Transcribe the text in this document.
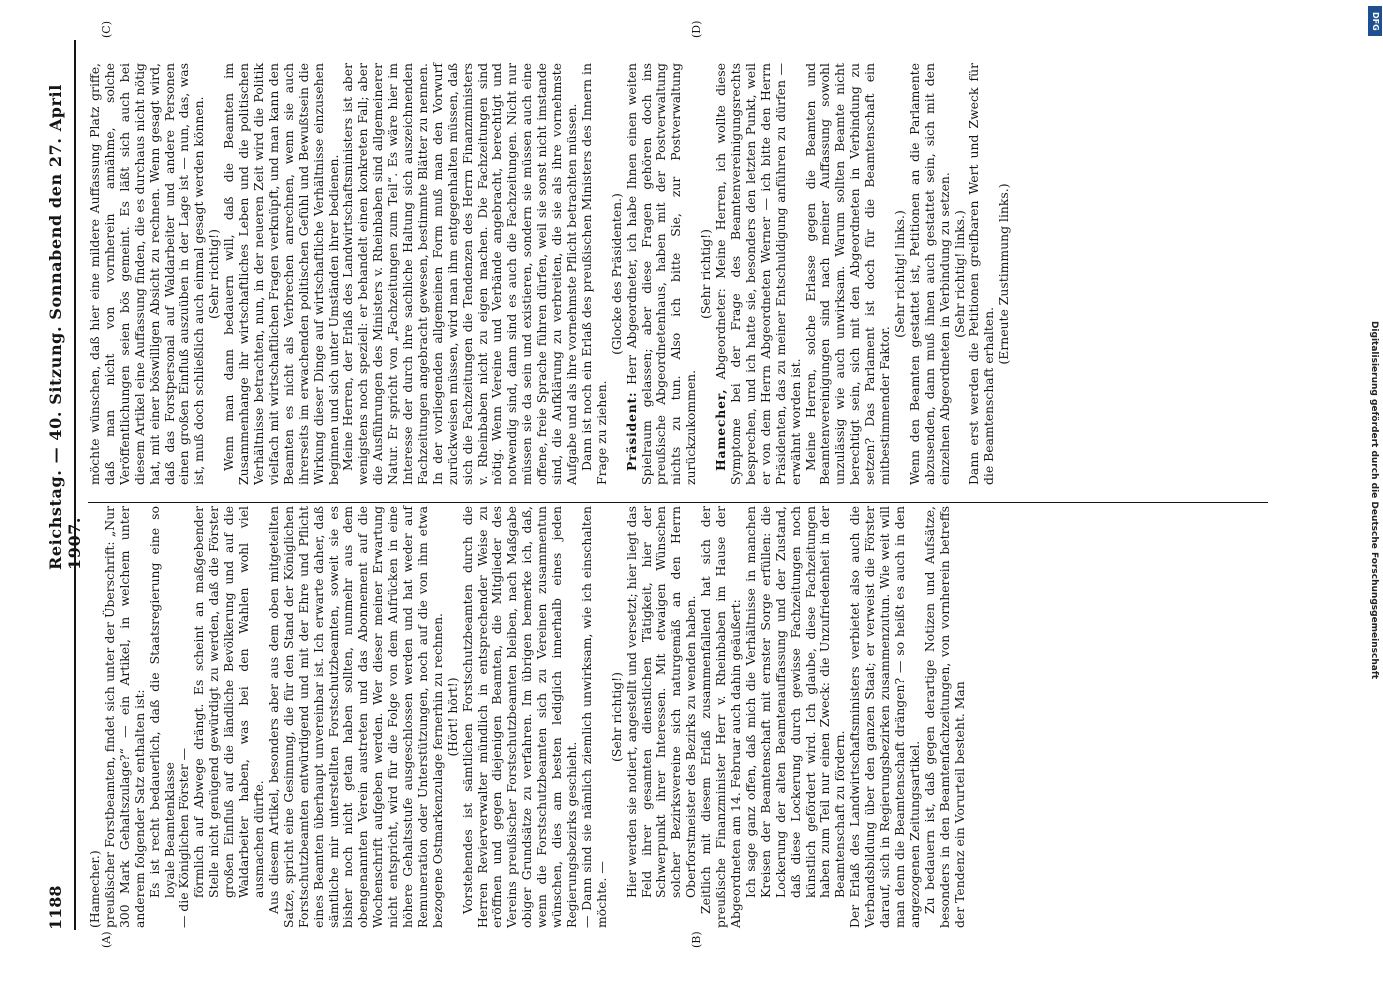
1188
Reichstag. — 40. Sitzung. Sonnabend den 27. April 1907.
(A)	(B)
(C)	(D)

(Hamecher.) preußischer Forstbeamten, findet sich unter der Überschrift: „Nur 300 Mark Gehaltszulage?“ — ein Artikel, in welchem unter anderem folgender Satz enthalten ist: Es ist recht bedauerlich, daß die Staatsregierung eine so loyale Beamtenklasse — die Königlichen Förster — förmlich auf Abwege drängt. Es scheint an maßgebender Stelle nicht genügend gewürdigt zu werden, daß die Förster großen Einfluß auf die ländliche Bevölkerung und auf die Waldarbeiter haben, was bei den Wahlen wohl viel ausmachen dürfte. Aus diesem Artikel, besonders aber aus dem oben mitgeteilten Satze, spricht eine Gesinnung, die für den Stand der Königlichen Forstschutzbeamten entwürdigend und mit der Ehre und Pflicht eines Beamten überhaupt unvereinbar ist. Ich erwarte daher, daß sämtliche mir unterstellten Forstschutzbeamten, soweit sie es bisher noch nicht getan haben sollten, nunmehr aus dem obengenannten Verein austreten und das Abonnement auf die Wochenschrift aufgeben werden. Wer dieser meiner Erwartung nicht entspricht, wird für die Folge von dem Aufrücken in eine höhere Gehaltsstufe ausgeschlossen werden und hat weder auf Remuneration oder Unterstützungen, noch auf die von ihm etwa bezogene Ostmarkenzulage fernerhin zu rechnen. (Hört! hört!) Vorstehendes ist sämtlichen Forstschutzbeamten durch die Herren Revierverwalter mündlich in entsprechender Weise zu eröffnen und gegen diejenigen Beamten, die Mitglieder des Vereins preußischer Forstschutzbeamten bleiben, nach Maßgabe obiger Grundsätze zu verfahren. Im übrigen bemerke ich, daß, wenn die Forstschutzbeamten sich zu Vereinen zusammentun wünschen, dies am besten lediglich innerhalb eines jeden Regierungsbezirks geschieht. — Dann sind sie nämlich ziemlich unwirksam, wie ich einschalten möchte. —

(Sehr richtig!) Hier werden sie notiert, angestellt und versetzt; hier liegt das Feld ihrer gesamten dienstlichen Tätigkeit, hier der Schwerpunkt ihrer Interessen. Mit etwaigen Wünschen solcher Bezirksvereine sich naturgemäß an den Herrn Oberforstmeister des Bezirks zu wenden haben. Zeitlich mit diesem Erlaß zusammenfallend hat sich der preußische Finanzminister Herr v. Rheinbaben im Hause der Abgeordneten am 14. Februar auch dahin geäußert: Ich sage ganz offen, daß mich die Verhältnisse in manchen Kreisen der Beamtenschaft mit ernster Sorge erfüllen: die Lockerung der alten Beamtenauffassung und der Zustand, daß diese Lockerung durch gewisse Fachzeitungen noch künstlich gefördert wird. Ich glaube, diese Fachzeitungen haben zum Teil nur einen Zweck: die Unzufriedenheit in der Beamtenschaft zu fördern. Der Erlaß des Landwirtschaftsministers verbietet also auch die Verbandsbildung über den ganzen Staat; er verweist die Förster darauf, sich in Regierungsbezirken zusammenzutun. Wie weit will man denn die Beamtenschaft drängen? — so heißt es auch in den angezogenen Zeitungsartikel. Zu bedauern ist, daß gegen derartige Notizen und Aufsätze, besonders in den Beamtenfachzeitungen, von vornherein betreffs der Tendenz ein Vorurteil besteht. Man

möchte wünschen, daß hier eine mildere Auffassung Platz griffe, daß man nicht von vornherein annähme, solche Veröffentlichungen seien bös gemeint. Es läßt sich auch bei diesem Artikel eine Auffassung finden, die es durchaus nicht nötig hat, mit einer böswilligen Absicht zu rechnen. Wenn gesagt wird, daß das Forstpersonal auf Waldarbeiter und andere Personen einen großen Einfluß auszuüben in der Lage ist — nun, das, was ist, muß doch schließlich auch einmal gesagt werden können. (Sehr richtig!) Wenn man dann bedauern will, daß die Beamten im Zusammenhange ihr wirtschaftliches Leben und die politischen Verhältnisse betrachten, nun, in der neueren Zeit wird die Politik vielfach mit wirtschaftlichen Fragen verknüpft, und man kann den Beamten es nicht als Verbrechen anrechnen, wenn sie auch ihrerseits im erwachenden politischen Gefühl und Bewußtsein die Wirkung dieser Dinge auf wirtschaftliche Verhältnisse einzusehen beginnen und sich unter Umständen ihrer bedienen. Meine Herren, der Erlaß des Landwirtschaftsministers ist aber wenigstens noch speziell: er behandelt einen konkreten Fall; aber die Ausführungen des Ministers v. Rheinbaben sind allgemeinerer Natur. Er spricht von „Fachzeitungen zum Teil“. Es wäre hier im Interesse der durch ihre sachliche Haltung sich auszeichnenden Fachzeitungen angebracht gewesen, bestimmte Blätter zu nennen. In der vorliegenden allgemeinen Form muß man den Vorwurf zurückweisen müssen, wird man ihm entgegenhalten müssen, daß sich die Fachzeitungen die Tendenzen des Herrn Finanzministers v. Rheinbaben nicht zu eigen machen. Die Fachzeitungen sind nötig. Wenn Vereine und Verbände angebracht, berechtigt und notwendig sind, dann sind es auch die Fachzeitungen. Nicht nur müssen sie da sein und existieren, sondern sie müssen auch eine offene, freie Sprache führen dürfen, weil sie sonst nicht imstande sind, die Aufklärung zu verbreiten, die sie als ihre vornehmste Aufgabe und als ihre vornehmste Pflicht betrachten müssen. Dann ist noch ein Erlaß des preußischen Ministers des Innern in Frage zu ziehen.

(Glocke des Präsidenten.)

Präsident: Herr Abgeordneter, ich habe Ihnen einen weiten Spielraum gelassen; aber diese Fragen gehören doch ins preußische Abgeordnetenhaus, haben mit der Postverwaltung nichts zu tun. Also ich bitte Sie, zur Postverwaltung zurückzukommen.

(Sehr richtig!)

Hamecher, Abgeordneter: Meine Herren, ich wollte diese Symptome bei der Frage des Beamtenvereinigungsrechts besprechen, und ich hatte sie, besonders den letzten Punkt, weil er von dem Herrn Abgeordneten Werner — ich bitte den Herrn Präsidenten, das zu meiner Entschuldigung anführen zu dürfen — erwähnt worden ist. Meine Herren, solche Erlasse gegen die Beamten und Beamtenvereinigungen sind nach meiner Auffassung sowohl unzulässig wie auch unwirksam. Warum sollten Beamte nicht berechtigt sein, sich mit den Abgeordneten in Verbindung zu setzen? Das Parlament ist doch für die Beamtenschaft ein mitbestimmender Faktor.

(Sehr richtig! links.) Wenn den Beamten gestattet ist, Petitionen an die Parlamente abzusenden, dann muß ihnen auch gestattet sein, sich mit den einzelnen Abgeordneten in Verbindung zu setzen. (Sehr richtig! links.) Dann erst werden die Petitionen greifbaren Wert und Zweck für die Beamtenschaft erhalten.

(Erneute Zustimmung links.)

DFG
Digitalisierung gefördert durch die Deutsche Forschungsgemeinschaft
